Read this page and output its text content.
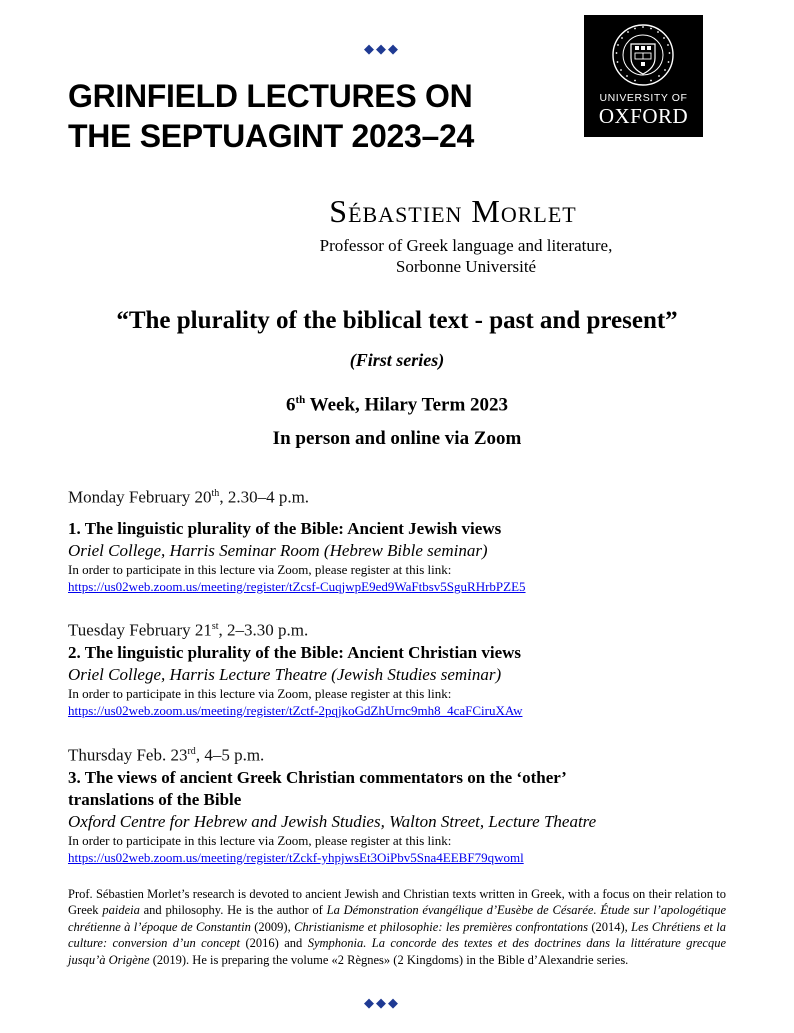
◆◆◆
GRINFIELD LECTURES ON
THE SEPTUAGINT 2023–24
UNIVERSITY OF
OXFORD
Sébastien Morlet
Professor of Greek language and literature,
Sorbonne Université
“The plurality of the biblical text - past and present”
(First series)
6th Week, Hilary Term 2023
In person and online via Zoom
Monday February 20th, 2.30–4 p.m.
1. The linguistic plurality of the Bible: Ancient Jewish views
Oriel College, Harris Seminar Room (Hebrew Bible seminar)
In order to participate in this lecture via Zoom, please register at this link:
https://us02web.zoom.us/meeting/register/tZcsf-CuqjwpE9ed9WaFtbsv5SguRHrbPZE5
Tuesday February 21st, 2–3.30 p.m.
2. The linguistic plurality of the Bible: Ancient Christian views
Oriel College, Harris Lecture Theatre (Jewish Studies seminar)
In order to participate in this lecture via Zoom, please register at this link:
https://us02web.zoom.us/meeting/register/tZctf-2pqjkoGdZhUrnc9mh8_4caFCiruXAw
Thursday Feb. 23rd, 4–5 p.m.
3. The views of ancient Greek Christian commentators on the ‘other’
translations of the Bible
Oxford Centre for Hebrew and Jewish Studies, Walton Street, Lecture Theatre
In order to participate in this lecture via Zoom, please register at this link:
https://us02web.zoom.us/meeting/register/tZckf-yhpjwsEt3OiPbv5Sna4EEBF79qwoml
Prof. Sébastien Morlet’s research is devoted to ancient Jewish and Christian texts written in Greek, with a focus on their relation to Greek paideia and philosophy. He is the author of La Démonstration évangélique d’Eusèbe de Césarée. Étude sur l’apologétique chrétienne à l’époque de Constantin (2009), Christianisme et philosophie: les premières confrontations (2014), Les Chrétiens et la culture: conversion d’un concept (2016) and Symphonia. La concorde des textes et des doctrines dans la littérature grecque jusqu’à Origène (2019). He is preparing the volume «2 Règnes» (2 Kingdoms) in the Bible d’Alexandrie series.
◆◆◆
